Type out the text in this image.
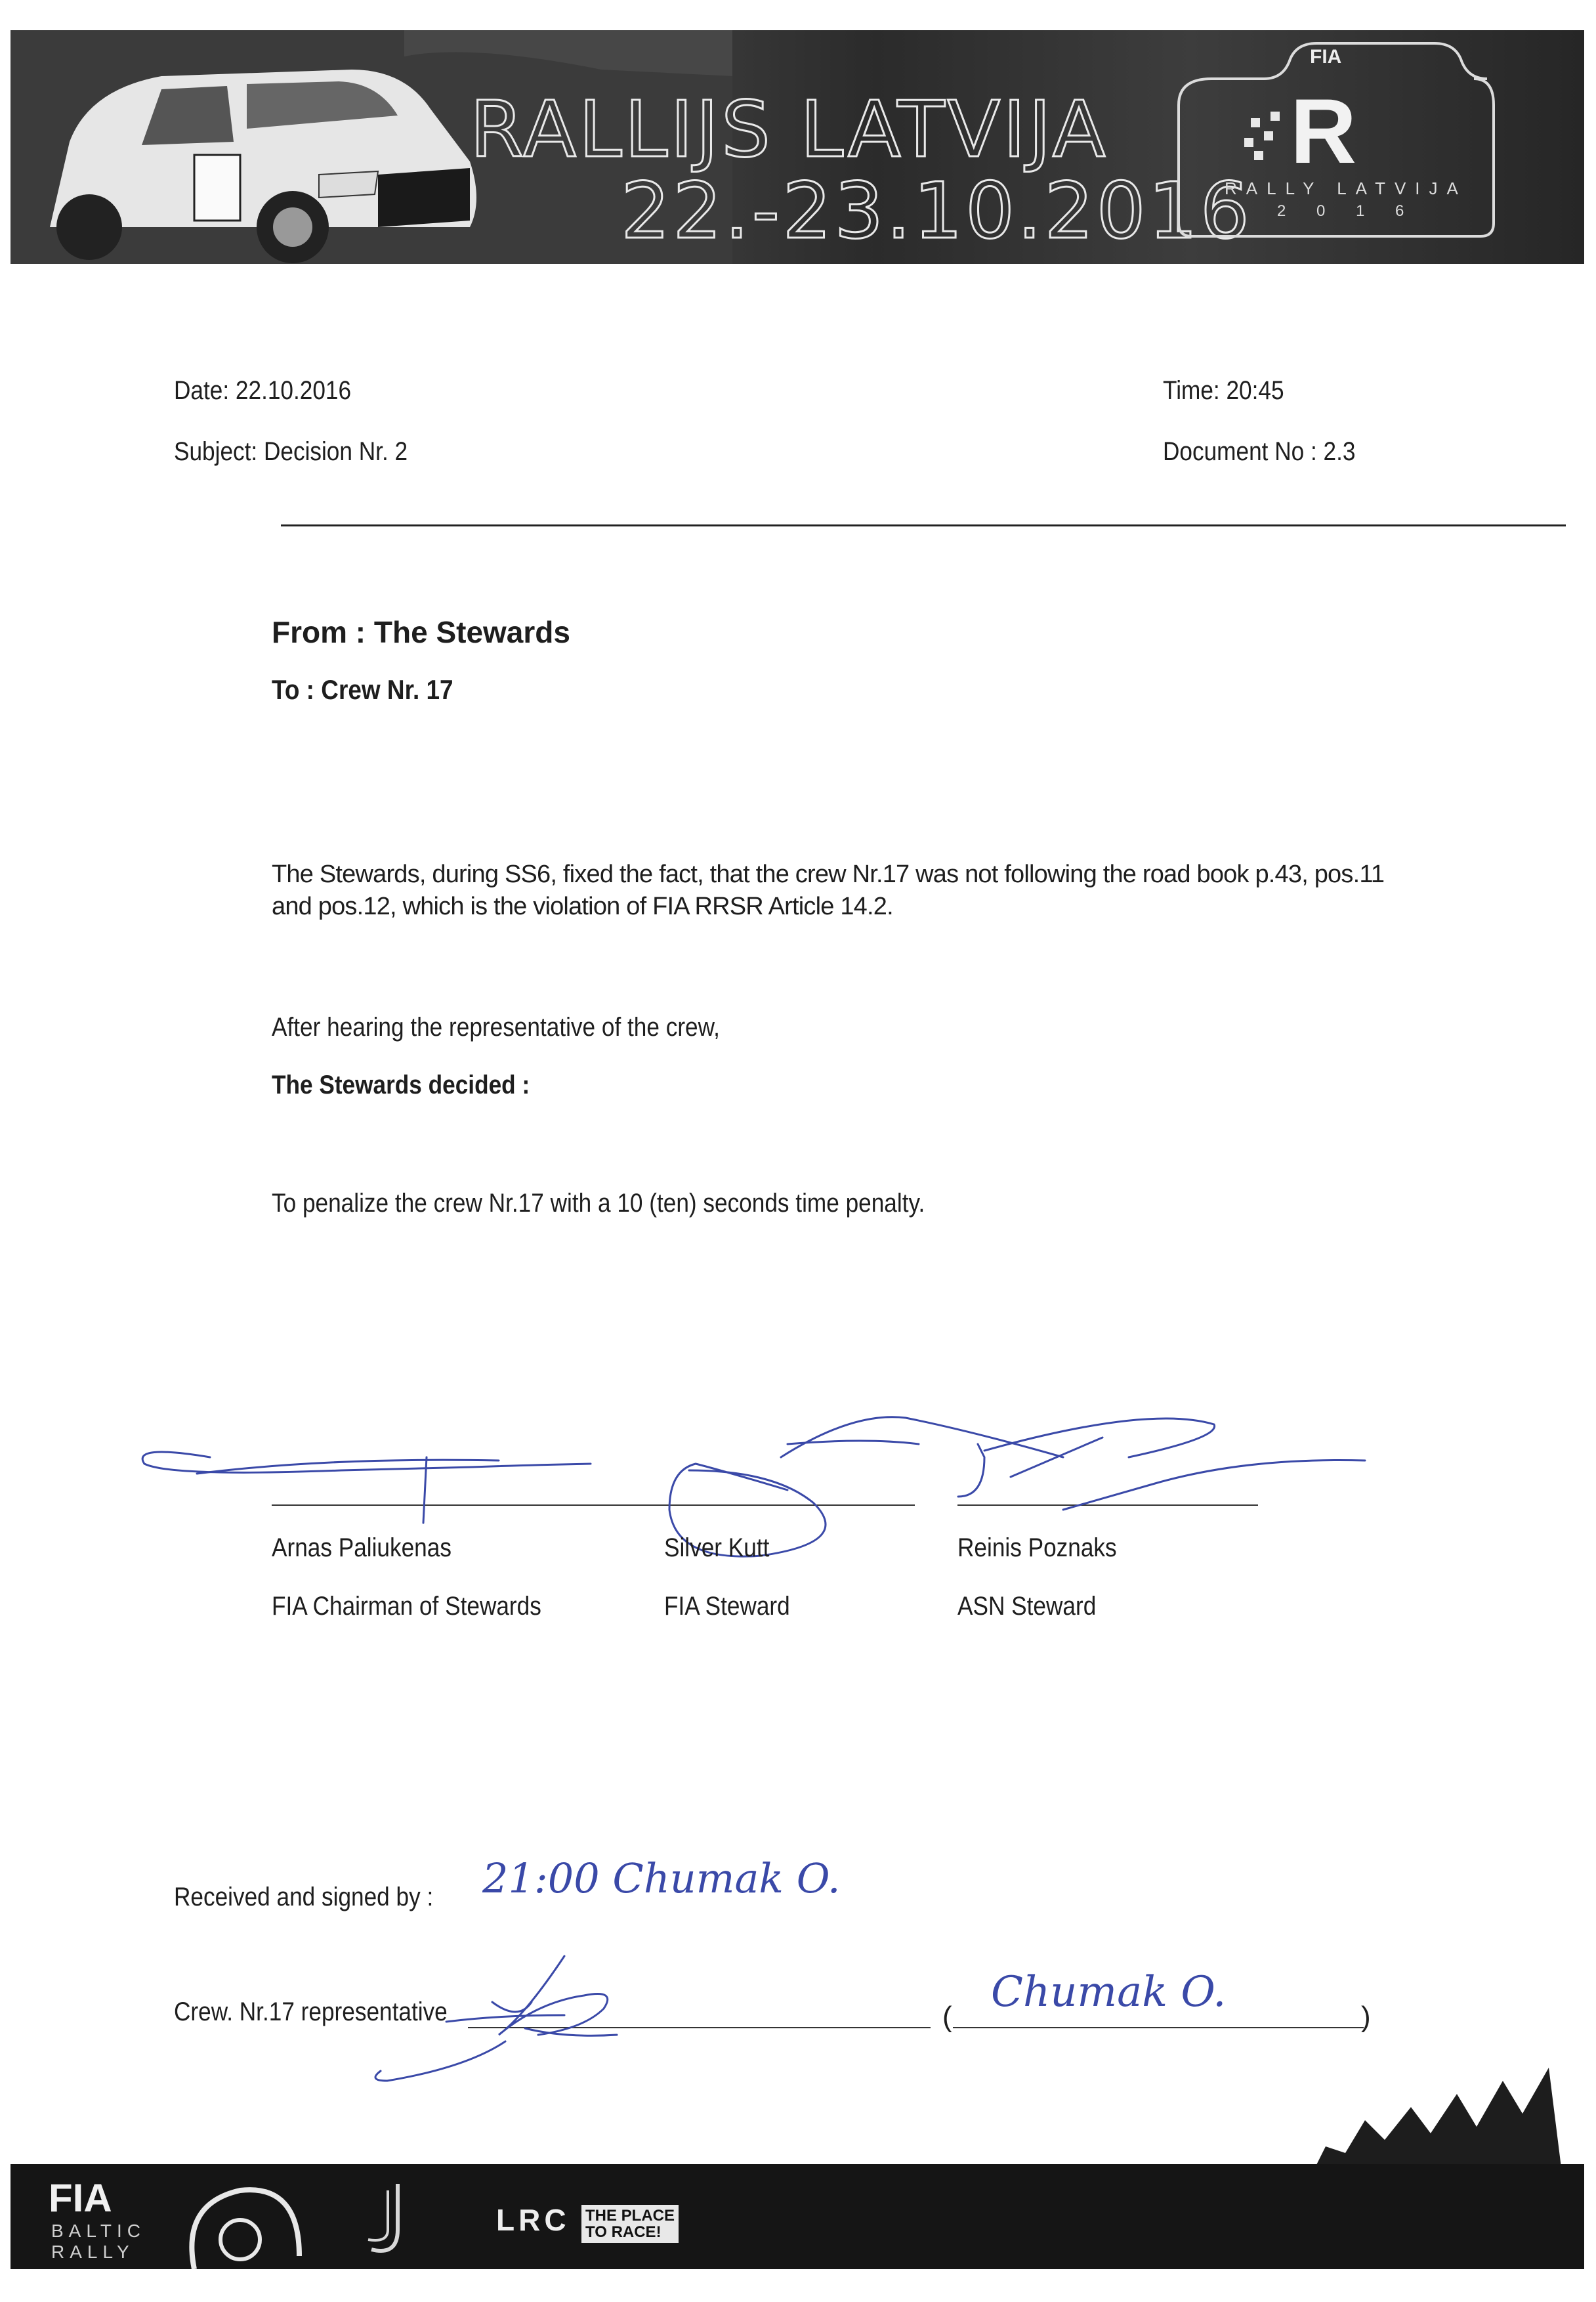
RALLIJS LATVIJA
22.-23.10.2016
FIA
R
RALLY LATVIJA
2 0 1 6
Date: 22.10.2016
Subject: Decision Nr. 2
Time: 20:45
Document No : 2.3
From : The Stewards
To : Crew Nr. 17
The Stewards, during SS6, fixed the fact, that the crew Nr.17 was not following the road book p.43, pos.11 and pos.12, which is the violation of FIA RRSR Article 14.2.
After hearing the representative of the crew,
The Stewards decided :
To penalize the crew Nr.17 with a 10 (ten) seconds time penalty.
Arnas Paliukenas
FIA Chairman of Stewards
Silver Kutt
FIA Steward
Reinis Poznaks
ASN Steward
Received and signed by : 21:00 Chumak O.
Crew. Nr.17 representative	(	)
Chumak O.
FIA
BALTIC
RALLY
LRC THE PLACE
TO RACE!
